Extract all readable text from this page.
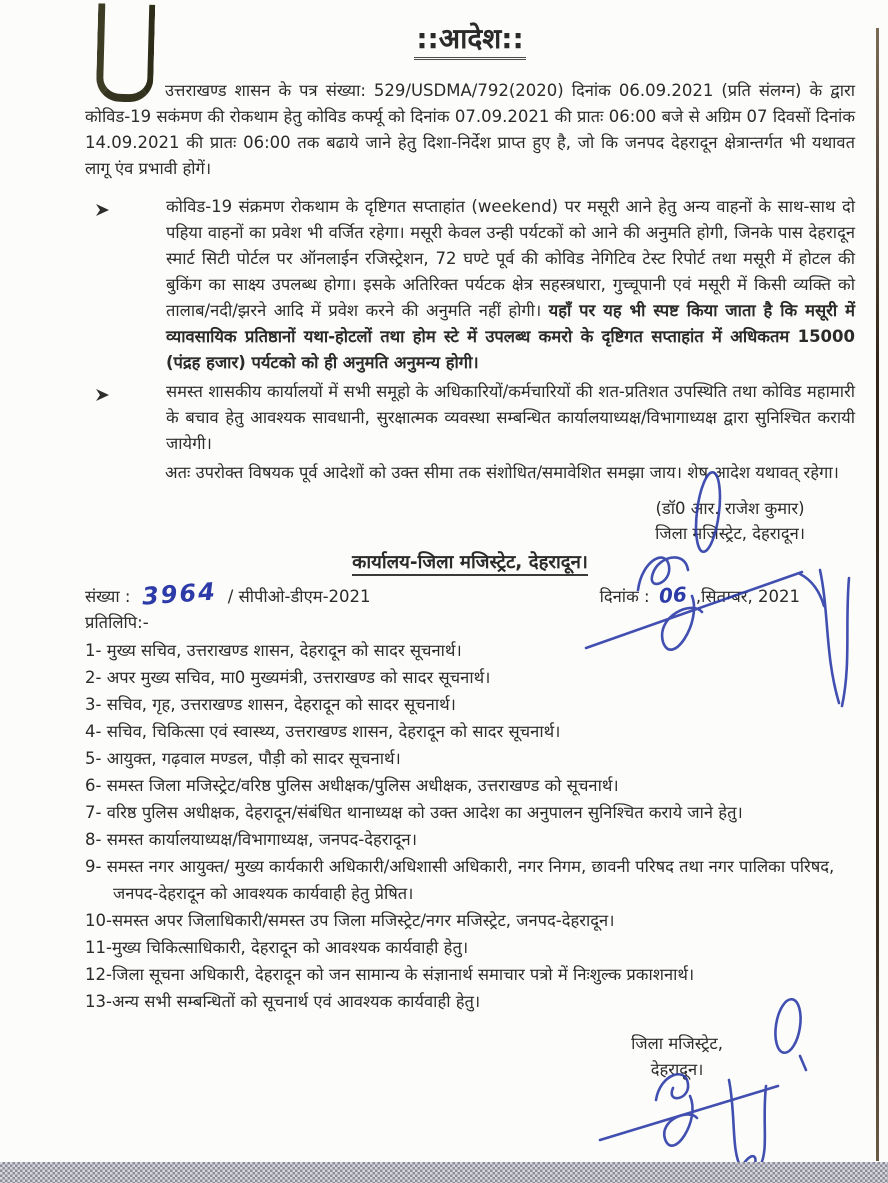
::आदेश::

उत्तराखण्ड शासन के पत्र संख्या: 529/USDMA/792(2020) दिनांक 06.09.2021 (प्रति संलग्न) के द्वारा कोविड-19 सकंमण की रोकथाम हेतु कोविड कर्फ्यू को दिनांक 07.09.2021 की प्रातः 06:00 बजे से अग्रिम 07 दिवसों दिनांक 14.09.2021 की प्रातः 06:00 तक बढाये जाने हेतु दिशा-निर्देश प्राप्त हुए है, जो कि जनपद देहरादून क्षेत्रान्तर्गत भी यथावत लागू एंव प्रभावी होगें।

कोविड-19 संक्रमण रोकथाम के दृष्टिगत सप्ताहांत (weekend) पर मसूरी आने हेतु अन्य वाहनों के साथ-साथ दो पहिया वाहनों का प्रवेश भी वर्जित रहेगा। मसूरी केवल उन्ही पर्यटकों को आने की अनुमति होगी, जिनके पास देहरादून स्मार्ट सिटी पोर्टल पर ऑनलाईन रजिस्ट्रेशन, 72 घण्टे पूर्व की कोविड नेगिटिव टेस्ट रिपोर्ट तथा मसूरी में होटल की बुकिंग का साक्ष्य उपलब्ध होगा। इसके अतिरिक्त पर्यटक क्षेत्र सहस्त्रधारा, गुच्चूपानी एवं मसूरी में किसी व्यक्ति को तालाब/नदी/झरने आदि में प्रवेश करने की अनुमति नहीं होगी। यहाँ पर यह भी स्पष्ट किया जाता है कि मसूरी में व्यावसायिक प्रतिष्ठानों यथा-होटलों तथा होम स्टे में उपलब्ध कमरो के दृष्टिगत सप्ताहांत में अधिकतम 15000 (पंद्रह हजार) पर्यटको को ही अनुमति अनुमन्य होगी।

समस्त शासकीय कार्यालयों में सभी समूहो के अधिकारियों/कर्मचारियों की शत-प्रतिशत उपस्थिति तथा कोविड महामारी के बचाव हेतु आवश्यक सावधानी, सुरक्षात्मक व्यवस्था सम्बन्धित कार्यालयाध्यक्ष/विभागाध्यक्ष द्वारा सुनिश्चित करायी जायेगी।

अतः उपरोक्त विषयक पूर्व आदेशों को उक्त सीमा तक संशोधित/समावेशित समझा जाय। शेष आदेश यथावत् रहेगा।

(डॉ0 आर. राजेश कुमार)
जिला मजिस्ट्रेट, देहरादून।
कार्यालय-जिला मजिस्ट्रेट, देहरादून।
संख्या : 3964 / सीपीओ-डीएम-2021	दिनांक : 06 ,सितम्बर, 2021
प्रतिलिपि:-
1- मुख्य सचिव, उत्तराखण्ड शासन, देहरादून को सादर सूचनार्थ।
2- अपर मुख्य सचिव, मा0 मुख्यमंत्री, उत्तराखण्ड को सादर सूचनार्थ।
3- सचिव, गृह, उत्तराखण्ड शासन, देहरादून को सादर सूचनार्थ।
4- सचिव, चिकित्सा एवं स्वास्थ्य, उत्तराखण्ड शासन, देहरादून को सादर सूचनार्थ।
5- आयुक्त, गढ़वाल मण्डल, पौड़ी को सादर सूचनार्थ।
6- समस्त जिला मजिस्ट्रेट/वरिष्ठ पुलिस अधीक्षक/पुलिस अधीक्षक, उत्तराखण्ड को सूचनार्थ।
7- वरिष्ठ पुलिस अधीक्षक, देहरादून/संबंधित थानाध्यक्ष को उक्त आदेश का अनुपालन सुनिश्चित कराये जाने हेतु।
8- समस्त कार्यालयाध्यक्ष/विभागाध्यक्ष, जनपद-देहरादून।
9- समस्त नगर आयुक्त/ मुख्य कार्यकारी अधिकारी/अधिशासी अधिकारी, नगर निगम, छावनी परिषद तथा नगर पालिका परिषद, जनपद-देहरादून को आवश्यक कार्यवाही हेतु प्रेषित।
10-समस्त अपर जिलाधिकारी/समस्त उप जिला मजिस्ट्रेट/नगर मजिस्ट्रेट, जनपद-देहरादून।
11-मुख्य चिकित्साधिकारी, देहरादून को आवश्यक कार्यवाही हेतु।
12-जिला सूचना अधिकारी, देहरादून को जन सामान्य के संज्ञानार्थ समाचार पत्रो में निःशुल्क प्रकाशनार्थ।
13-अन्य सभी सम्बन्धितों को सूचनार्थ एवं आवश्यक कार्यवाही हेतु।
जिला मजिस्ट्रेट,
देहरादून।
